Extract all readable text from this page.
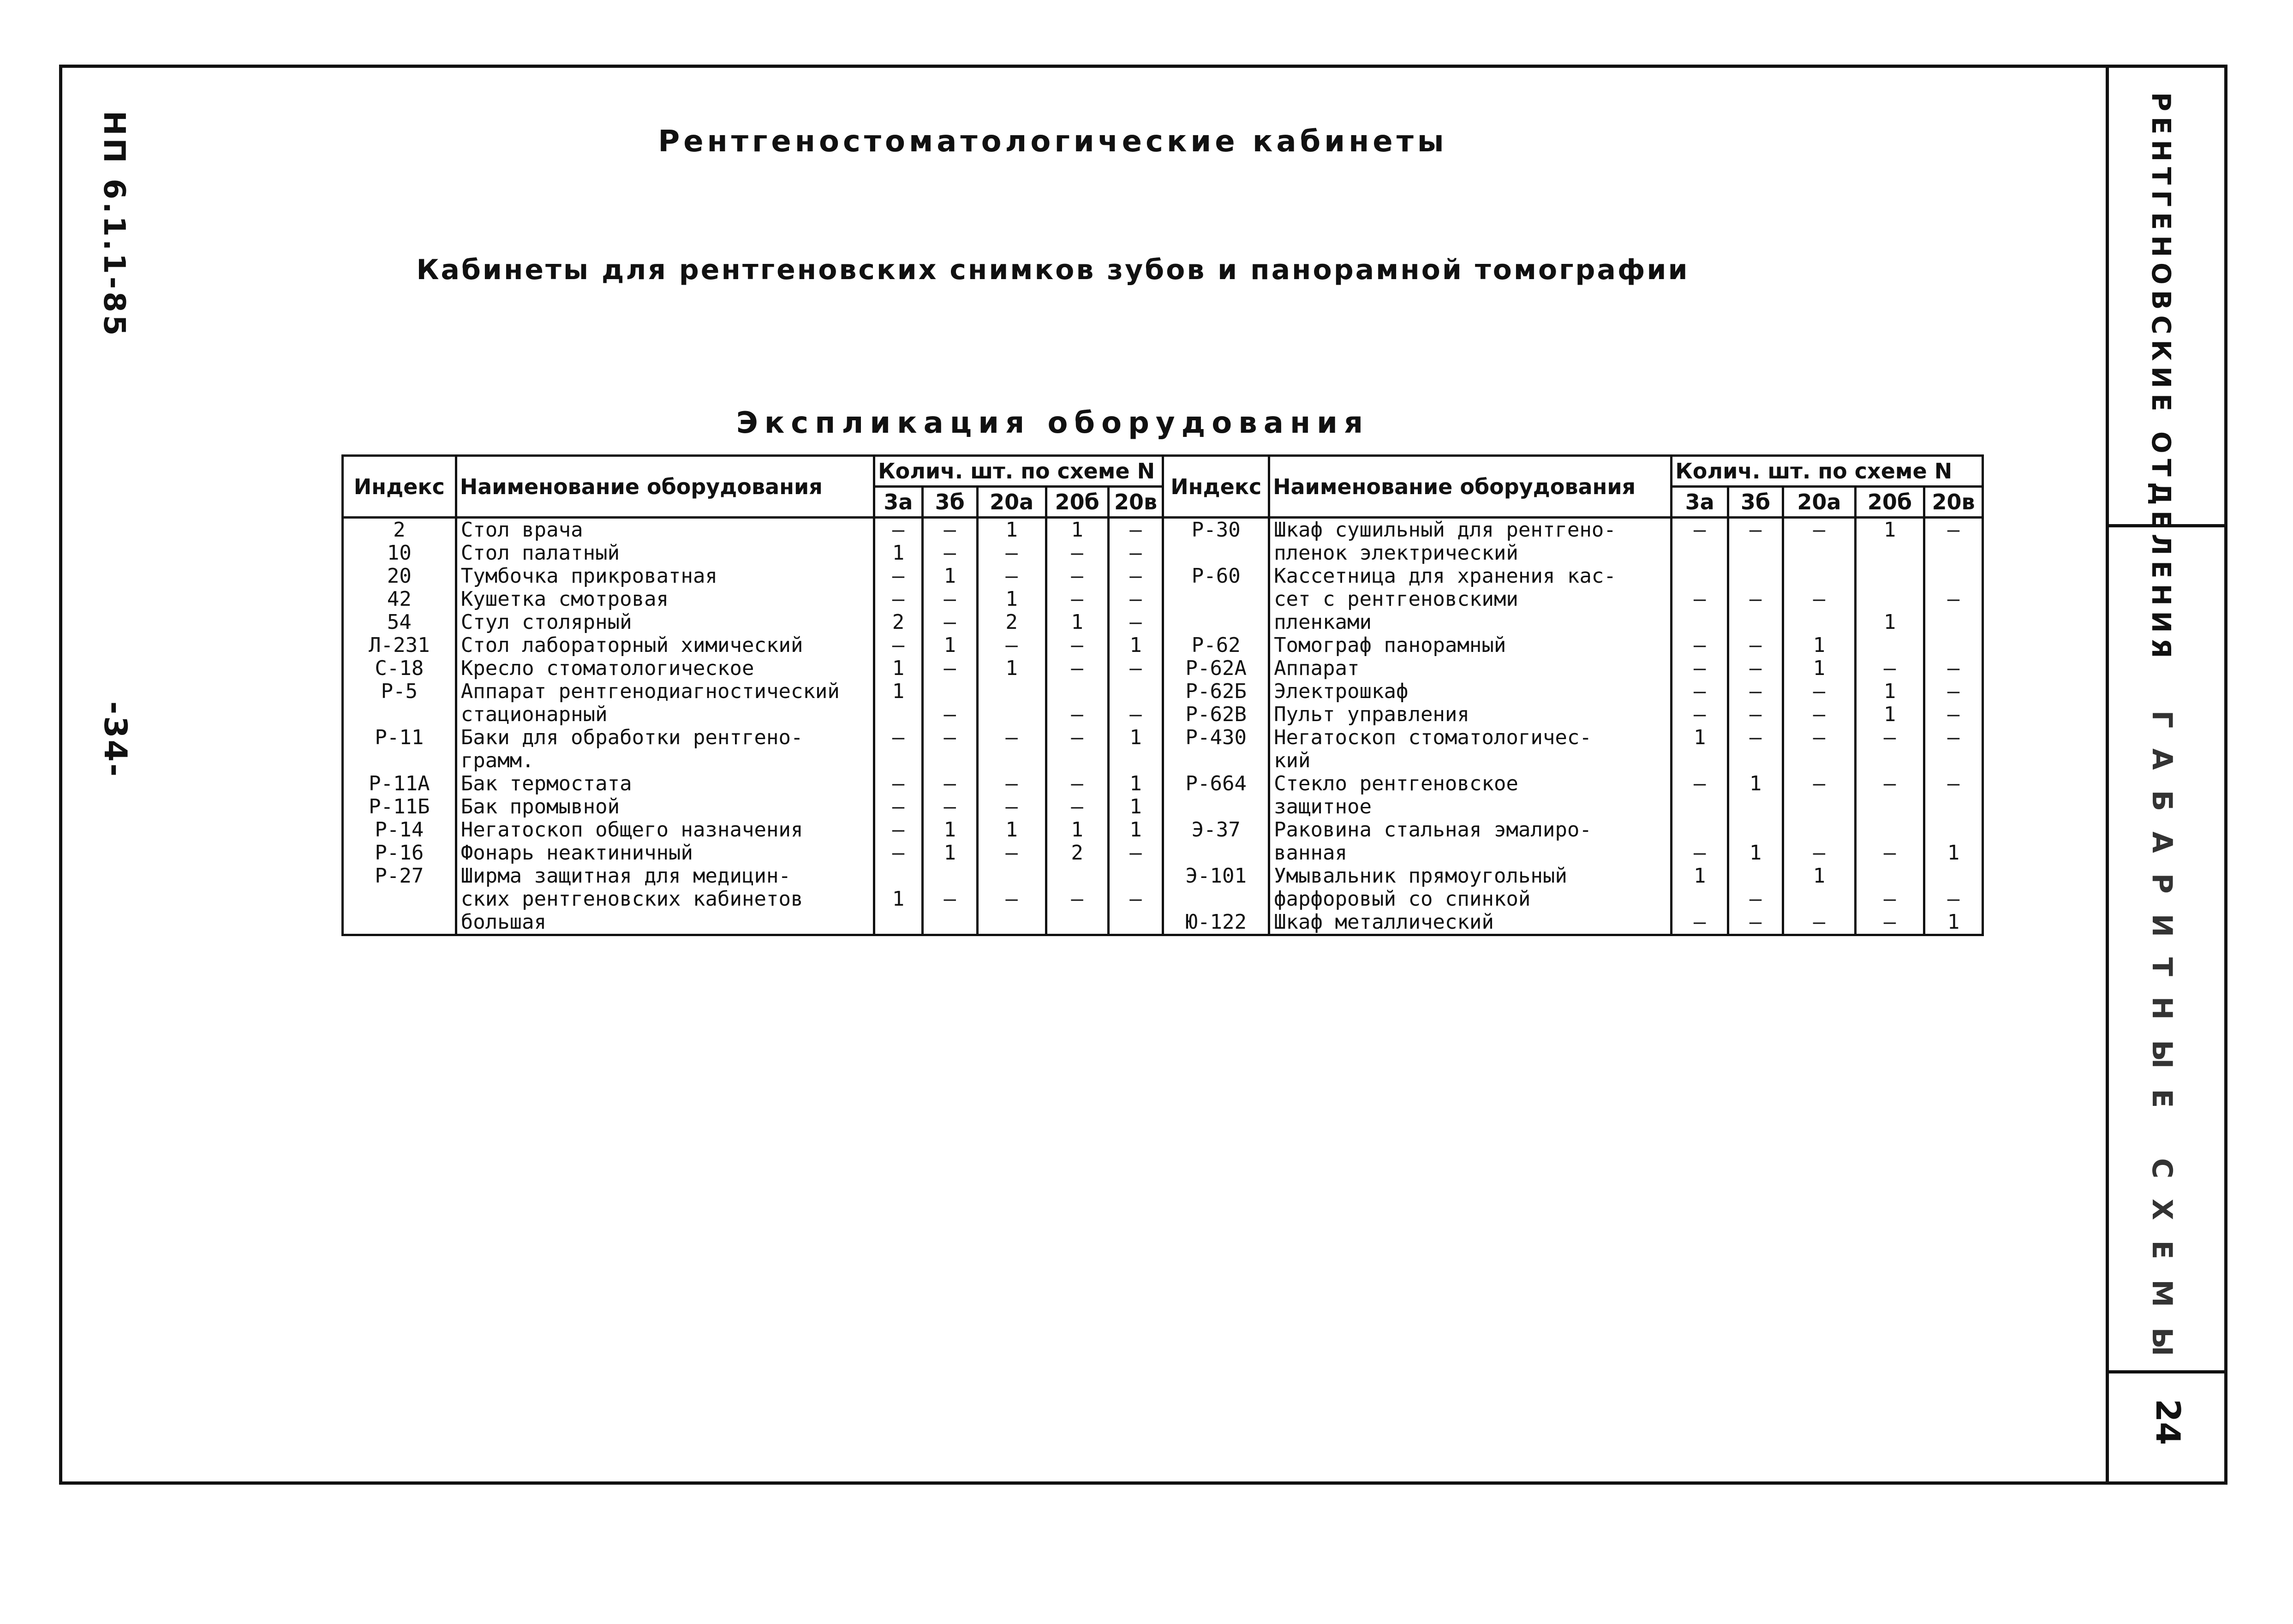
НП 6.1.1-85
-34-
РЕНТГЕНОВСКИЕ ОТДЕЛЕНИЯ
ГАБАРИТНЫЕ СХЕМЫ
24
Рентгеностоматологические кабинеты
Кабинеты для рентгеновских снимков зубов и панорамной томографии
Экспликация оборудования
Индекс	Наименование оборудования	Колич. шт. по схеме N					Индекс	Наименование оборудования	Колич. шт. по схеме N				
		3а	3б	20а	20б	20в			3а	3б	20а	20б	20в
2	Стол врача	—	—	1	1	—	Р-30	Шкаф сушильный для рентгено-	—	—	—	1	—
10	Стол палатный	1	—	—	—	—		пленок электрический					
20	Тумбочка прикроватная	—	1	—	—	—	Р-60	Кассетница для хранения кас-					
42	Кушетка смотровая	—	—	1	—	—		сет с рентгеновскими	—	—	—		—
54	Стул столярный	2	—	2	1	—		пленками				1	
Л-231	Стол лабораторный химический	—	1	—	—	1	Р-62	Томограф панорамный	—	—	1		
С-18	Кресло стоматологическое	1	—	1	—	—	Р-62А	Аппарат	—	—	1	—	—
Р-5	Аппарат рентгенодиагностический	1					Р-62Б	Электрошкаф	—	—	—	1	—
	стационарный		—		—	—	Р-62В	Пульт управления	—	—	—	1	—
Р-11	Баки для обработки рентгено-	—	—	—	—	1	Р-430	Негатоскоп стоматологичес-	1	—	—	—	—
	грамм.							кий					
Р-11А	Бак термостата	—	—	—	—	1	Р-664	Стекло рентгеновское	—	1	—	—	—
Р-11Б	Бак промывной	—	—	—	—	1		защитное					
Р-14	Негатоскоп общего назначения	—	1	1	1	1	Э-37	Раковина стальная эмалиро-					
Р-16	Фонарь неактиничный	—	1	—	2	—		ванная	—	1	—	—	1
Р-27	Ширма защитная для медицин-						Э-101	Умывальник прямоугольный	1		1		
	ских рентгеновских кабинетов	1	—	—	—	—		фарфоровый со спинкой		—		—	—
	большая						Ю-122	Шкаф металлический	—	—	—	—	1
